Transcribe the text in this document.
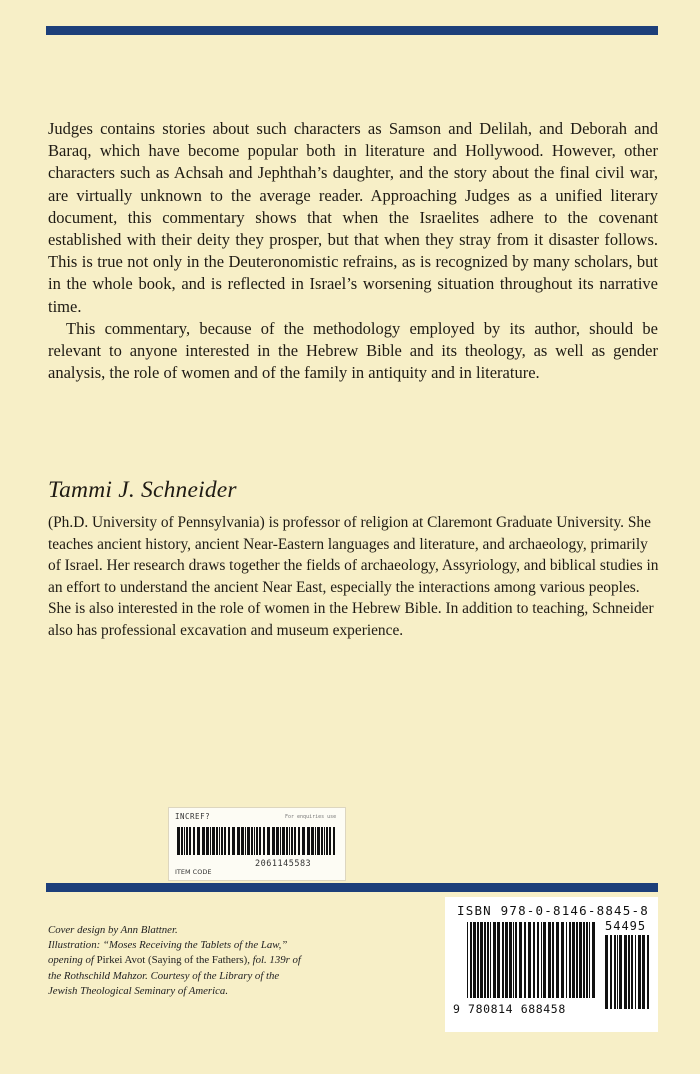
Judges contains stories about such characters as Samson and Delilah, and Deborah and Baraq, which have become popular both in literature and Hollywood. However, other characters such as Achsah and Jephthah’s daughter, and the story about the final civil war, are virtually unknown to the average reader. Approaching Judges as a unified literary document, this commentary shows that when the Israelites adhere to the covenant established with their deity they prosper, but that when they stray from it disaster follows. This is true not only in the Deuteronomistic refrains, as is recognized by many scholars, but in the whole book, and is reflected in Israel’s worsening situation throughout its narrative time.

This commentary, because of the methodology employed by its author, should be relevant to anyone interested in the Hebrew Bible and its theology, as well as gender analysis, the role of women and of the family in antiquity and in literature.

Tammi J. Schneider
(Ph.D. University of Pennsylvania) is professor of religion at Claremont Graduate University. She teaches ancient history, ancient Near-Eastern languages and literature, and archaeology, primarily of Israel. Her research draws together the fields of archaeology, Assyriology, and biblical studies in an effort to understand the ancient Near East, especially the interactions among various peoples. She is also interested in the role of women in the Hebrew Bible. In addition to teaching, Schneider also has professional excavation and museum experience.
INCREF?	For enquiries use
2061145583
ITEM CODE
Cover design by Ann Blattner.
Illustration: “Moses Receiving the Tablets of the Law,” opening of Pirkei Avot (Saying of the Fathers), fol. 139r of the Rothschild Mahzor. Courtesy of the Library of the Jewish Theological Seminary of America.
ISBN 978-0-8146-8845-8
54495
9 780814 688458
